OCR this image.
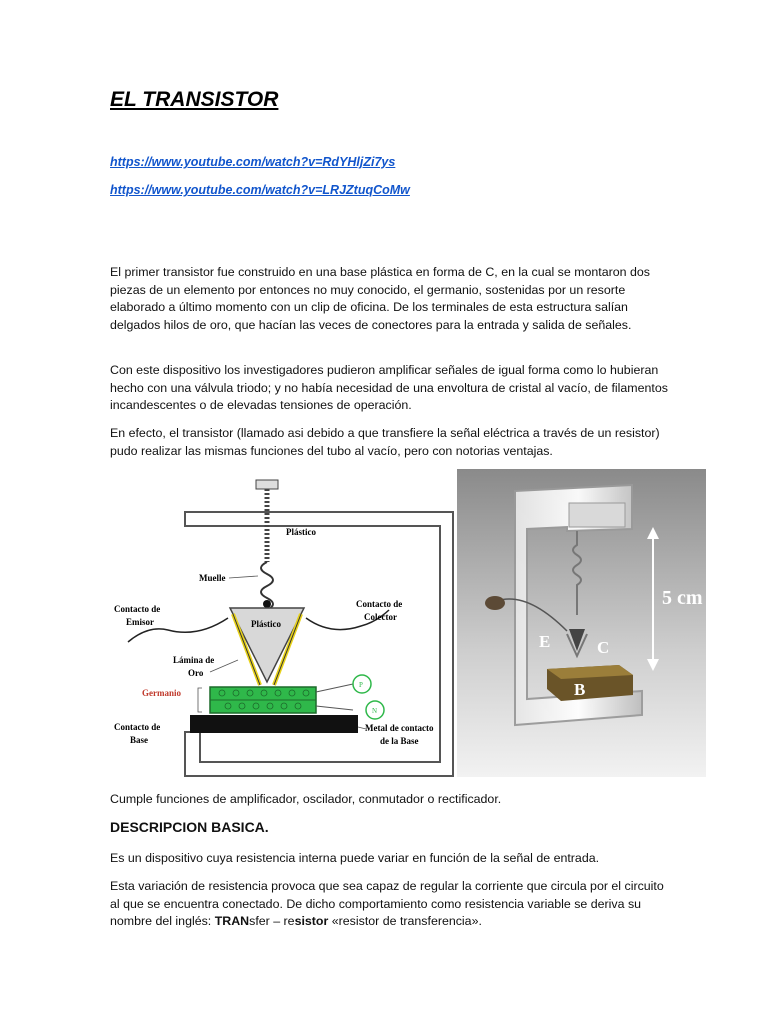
EL TRANSISTOR
https://www.youtube.com/watch?v=RdYHljZi7ys
https://www.youtube.com/watch?v=LRJZtuqCoMw
El primer transistor fue construido en una base plástica en forma de C, en la cual se montaron dos piezas de un elemento por entonces no muy conocido, el germanio, sostenidas por un resorte elaborado a último momento con un clip de oficina. De los terminales de esta estructura salían delgados hilos de oro, que hacían las veces de conectores para la entrada y salida de señales.
Con este dispositivo los investigadores pudieron amplificar señales de igual forma como lo hubieran hecho con una válvula triodo; y no había necesidad de una envoltura de cristal al vacío, de filamentos incandescentes o de elevadas tensiones de operación.
En efecto, el transistor (llamado asi debido a que transfiere la señal eléctrica a través de un resistor) pudo realizar las mismas funciones del tubo al vacío, pero con notorias ventajas.
Plástico
Muelle
Contacto de
Emisor
Contacto de
Colector
Plástico
Lámina de
Oro
Germanio
P
N
Contacto de
Base
Metal de contacto
de la Base
5 cm
E	C
B
Cumple funciones de amplificador, oscilador, conmutador o rectificador.
DESCRIPCION BASICA.
Es un dispositivo cuya resistencia interna puede variar en función de la señal de entrada.
Esta variación de resistencia provoca que sea capaz de regular la corriente que circula por el circuito al que se encuentra conectado. De dicho comportamiento como resistencia variable se deriva su nombre del inglés: TRANsfer – resistor «resistor de transferencia».
